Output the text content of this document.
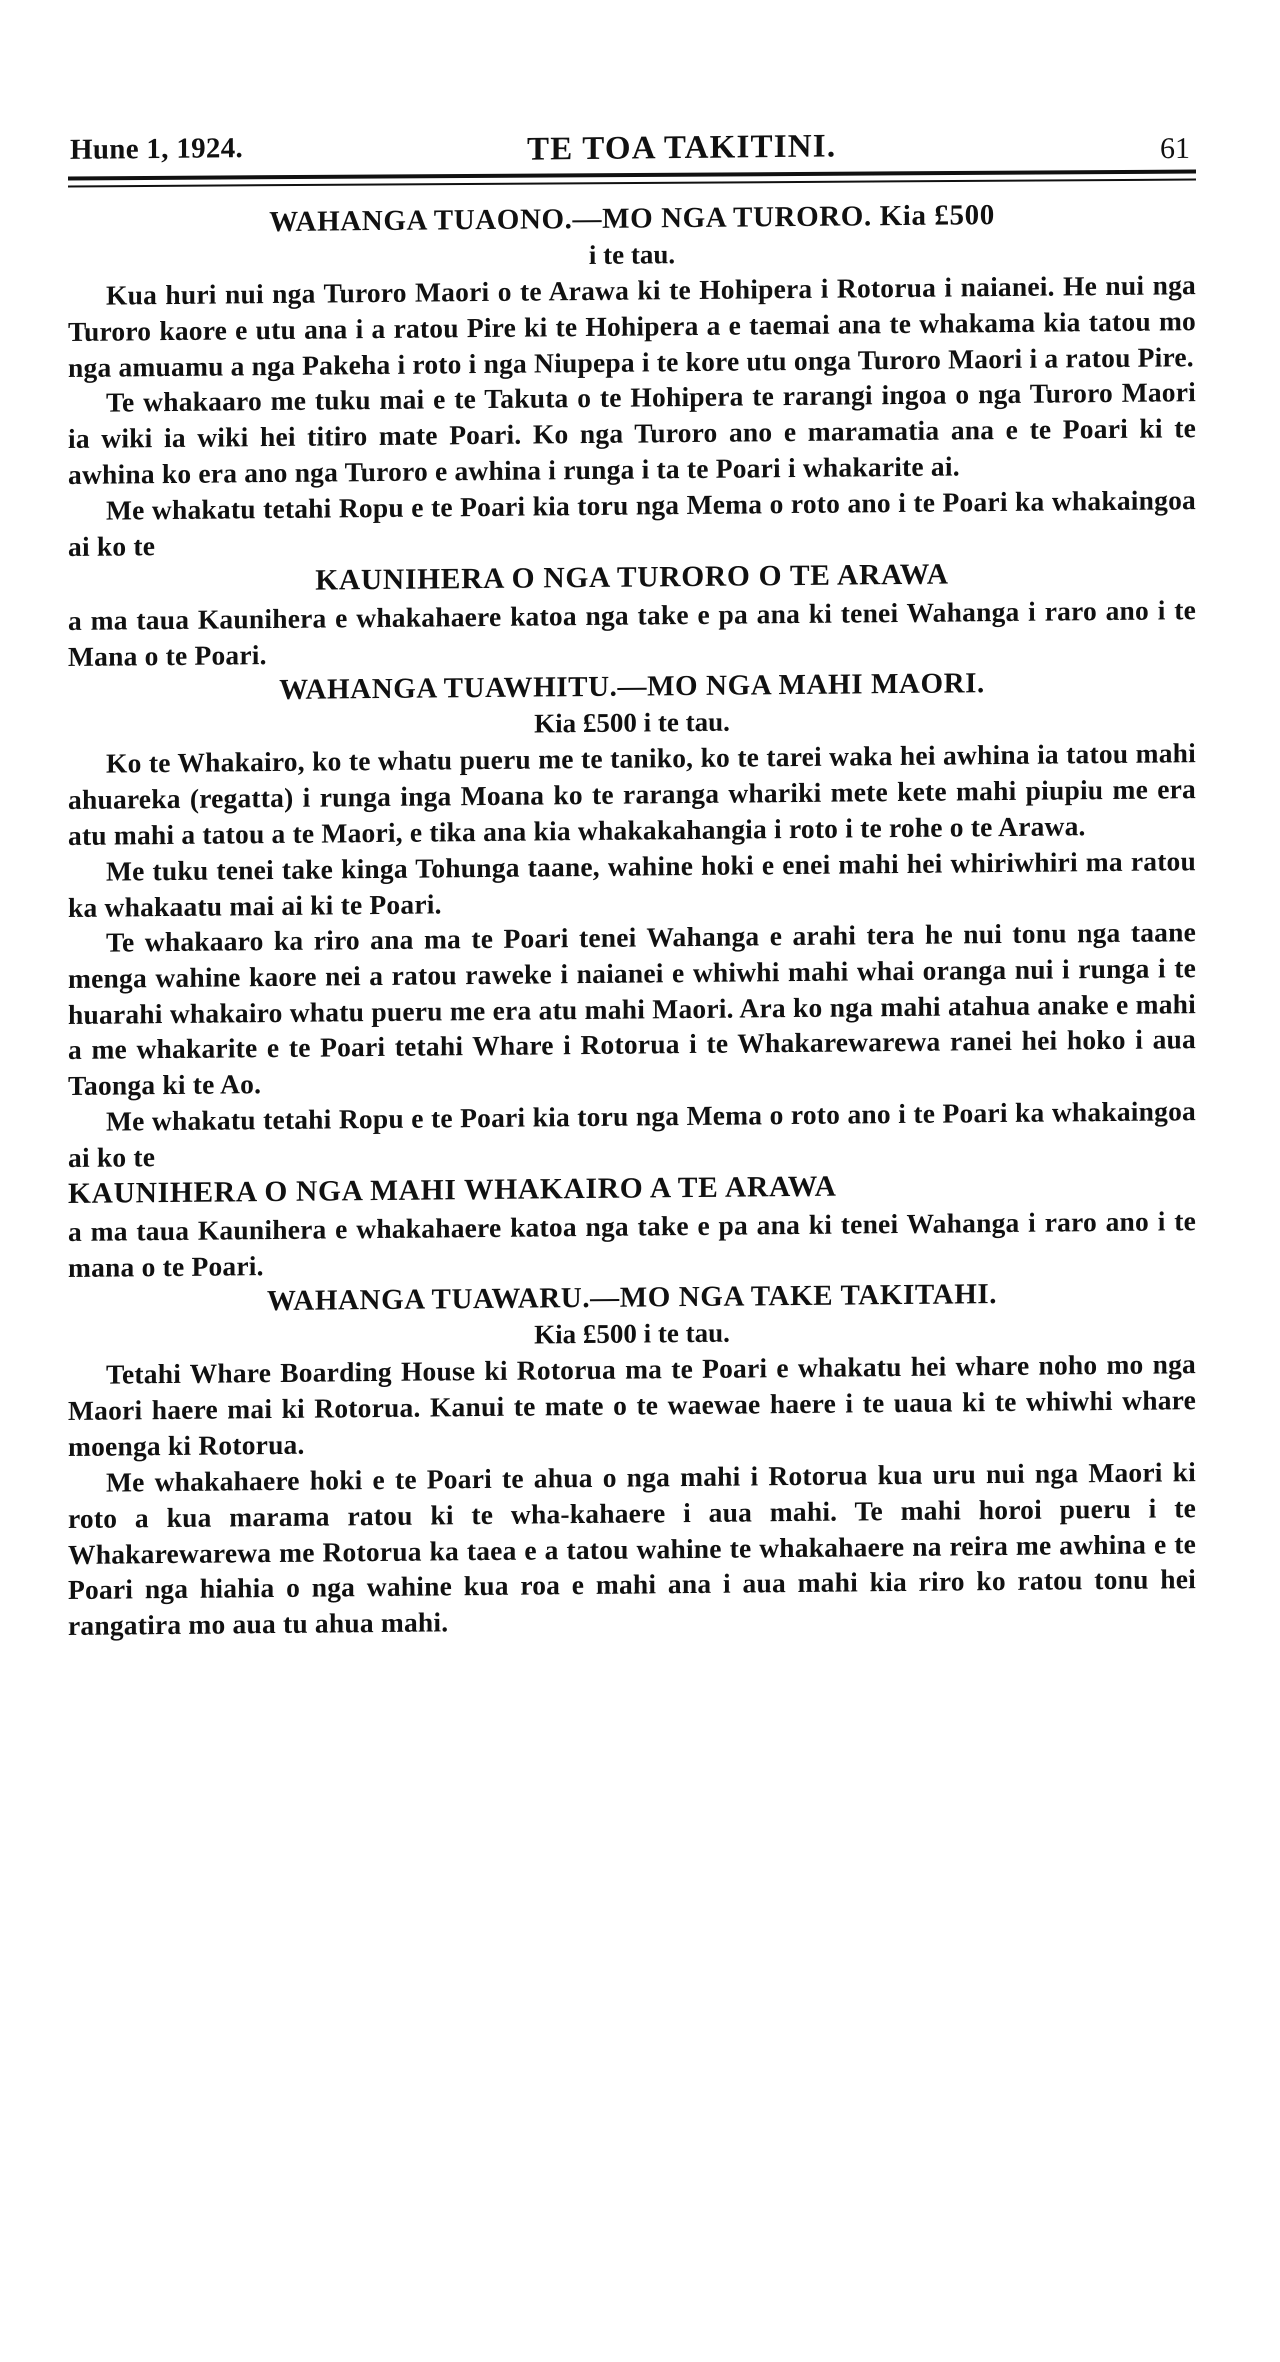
Hune 1, 1924.	TE TOA TAKITINI.	61
WAHANGA TUAONO.—MO NGA TURORO. Kia £500
i te tau.

Kua huri nui nga Turoro Maori o te Arawa ki te Hohipera i Rotorua i naianei. He nui nga Turoro kaore e utu ana i a ratou Pire ki te Hohipera a e taemai ana te whakama kia tatou mo nga amuamu a nga Pakeha i roto i nga Niupepa i te kore utu onga Turoro Maori i a ratou Pire.

Te whakaaro me tuku mai e te Takuta o te Hohipera te rarangi ingoa o nga Turoro Maori ia wiki ia wiki hei titiro mate Poari. Ko nga Turoro ano e maramatia ana e te Poari ki te awhina ko era ano nga Turoro e awhina i runga i ta te Poari i whakarite ai.

Me whakatu tetahi Ropu e te Poari kia toru nga Mema o roto ano i te Poari ka whakaingoa ai ko te

KAUNIHERA O NGA TURORO O TE ARAWA

a ma taua Kaunihera e whakahaere katoa nga take e pa ana ki tenei Wahanga i raro ano i te Mana o te Poari.

WAHANGA TUAWHITU.—MO NGA MAHI MAORI.
Kia £500 i te tau.

Ko te Whakairo, ko te whatu pueru me te taniko, ko te tarei waka hei awhina ia tatou mahi ahuareka (regatta) i runga inga Moana ko te raranga whariki mete kete mahi piupiu me era atu mahi a tatou a te Maori, e tika ana kia whakakahangia i roto i te rohe o te Arawa.

Me tuku tenei take kinga Tohunga taane, wahine hoki e enei mahi hei whiriwhiri ma ratou ka whakaatu mai ai ki te Poari.

Te whakaaro ka riro ana ma te Poari tenei Wahanga e arahi tera he nui tonu nga taane menga wahine kaore nei a ratou raweke i naianei e whiwhi mahi whai oranga nui i runga i te huarahi whakairo whatu pueru me era atu mahi Maori. Ara ko nga mahi atahua anake e mahi a me whakarite e te Poari tetahi Whare i Rotorua i te Whakarewarewa ranei hei hoko i aua Taonga ki te Ao.

Me whakatu tetahi Ropu e te Poari kia toru nga Mema o roto ano i te Poari ka whakaingoa ai ko te

KAUNIHERA O NGA MAHI WHAKAIRO A TE ARAWA

a ma taua Kaunihera e whakahaere katoa nga take e pa ana ki tenei Wahanga i raro ano i te mana o te Poari.

WAHANGA TUAWARU.—MO NGA TAKE TAKITAHI.
Kia £500 i te tau.

Tetahi Whare Boarding House ki Rotorua ma te Poari e whakatu hei whare noho mo nga Maori haere mai ki Rotorua. Kanui te mate o te waewae haere i te uaua ki te whiwhi whare moenga ki Rotorua.

Me whakahaere hoki e te Poari te ahua o nga mahi i Rotorua kua uru nui nga Maori ki roto a kua marama ratou ki te wha-kahaere i aua mahi. Te mahi horoi pueru i te Whakarewarewa me Rotorua ka taea e a tatou wahine te whakahaere na reira me awhina e te Poari nga hiahia o nga wahine kua roa e mahi ana i aua mahi kia riro ko ratou tonu hei rangatira mo aua tu ahua mahi.
